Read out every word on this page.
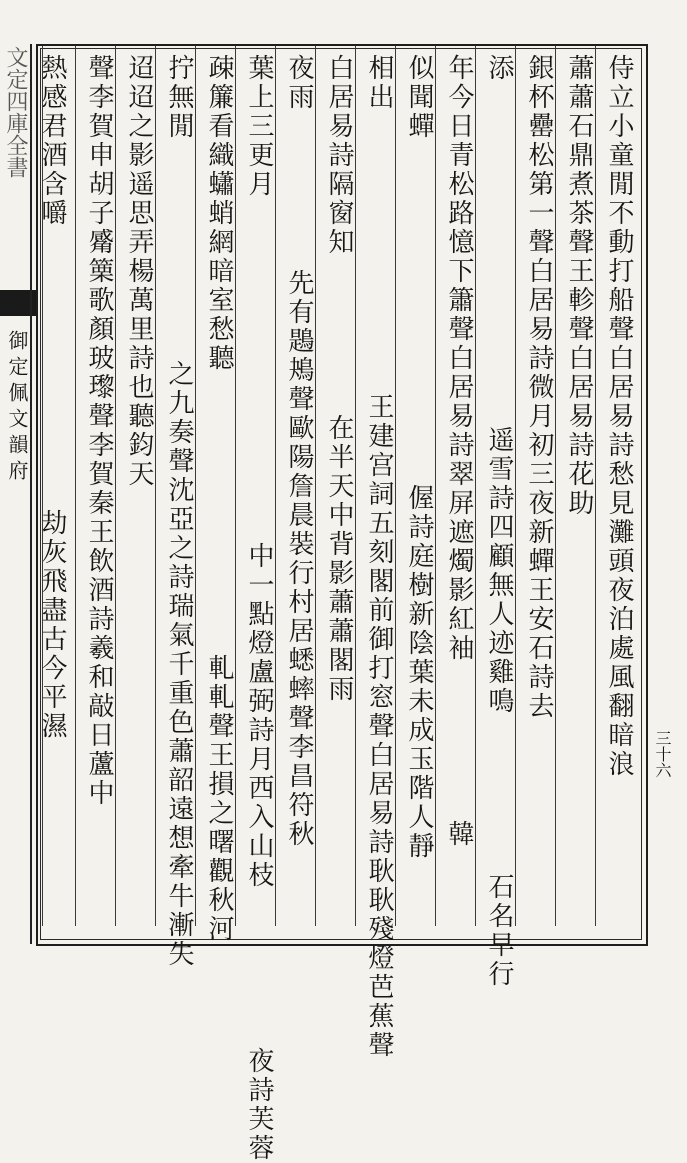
文定四庫全書
御定佩文韻府	侍立小童閒不動打船聲白居易詩愁見灘頭夜泊處風翻暗浪
蕭蕭石鼎煮茶聲王軫聲白居易詩花助
銀杯罍松第一聲白居易詩微月初三夜新蟬王安石詩去
添 　 　 　 　 　 遥雪詩四顧無人迹雞鳴 　 　 石名早行
年今日青松路憶下簫聲白居易詩翠屏遮燭影紅袖 　 　 韓
似聞蟬 　 　 　 　 　 偓詩庭樹新陰葉未成玉階人靜
相出 　 　 　 　 王建宫詞五刻閣前御打窓聲白居易詩耿耿殘燈芭蕉聲
白居易詩隔窗知 　 　 在半天中背影蕭蕭閣雨
夜雨 　 　 先有鶗鴂聲歐陽詹晨裝行村居蟋蟀聲李昌符秋
葉上三更月 　 　 　 　 　 中一點燈盧弼詩月西入山枝 　 　 夜詩芙蓉
疎簾看織蠨蛸網暗室愁聽 　 　 　 　 軋軋聲王損之曙觀秋河
拧無閒 　 　 　 之九奏聲沈亞之詩瑞氣千重色蕭韶遠想牽牛漸失
迢迢之影遥思弄楊萬里詩也聽鈞天
聲李賀申胡子觱篥歌顏玻瓈聲李賀秦王飲酒詩羲和敲日蘆中
熱感君酒含嚼 　 　 　 　 劫灰飛盡古今平濕
三十六
